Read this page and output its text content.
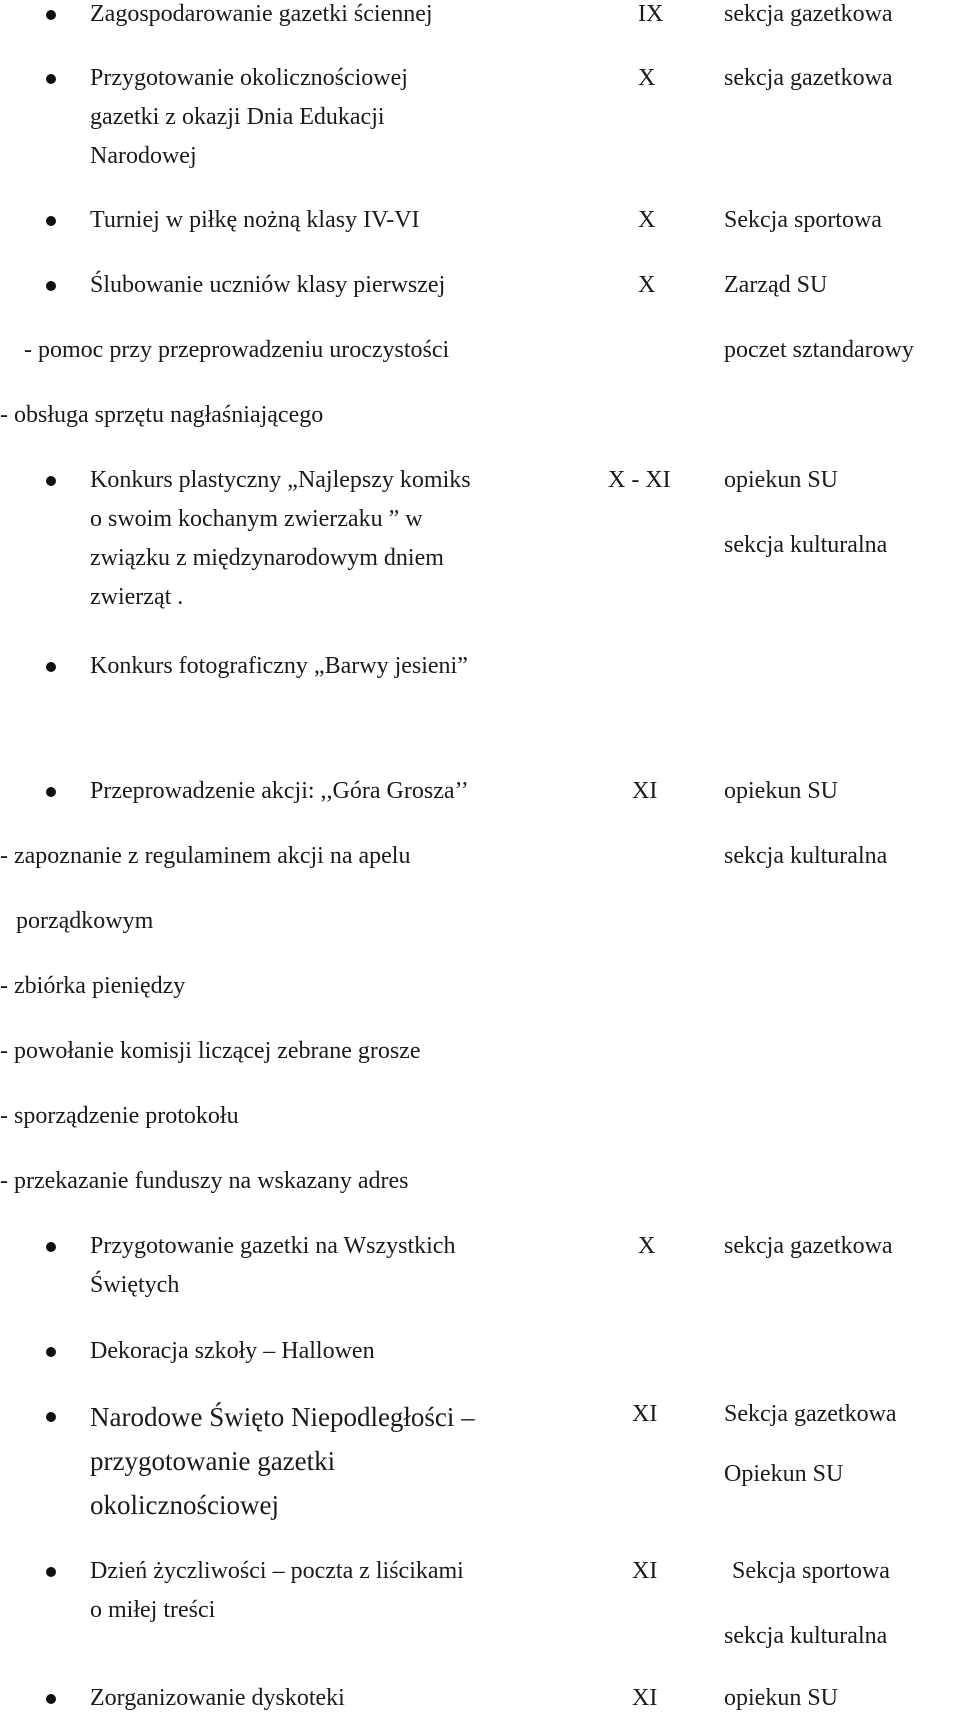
Zagospodarowanie gazetki ściennej	IX	sekcja gazetkowa
Przygotowanie okolicznościowej
gazetki z okazji Dnia Edukacji
Narodowej
X	sekcja gazetkowa
Turniej w piłkę nożną klasy IV-VI	X	Sekcja sportowa
Ślubowanie uczniów klasy pierwszej	X	Zarząd SU
- pomoc przy przeprowadzeniu uroczystości	poczet sztandarowy
- obsługa sprzętu nagłaśniającego
Konkurs plastyczny „Najlepszy komiks
o swoim kochanym zwierzaku ” w
związku z międzynarodowym dniem
zwierząt .
X - XI opiekun SU
sekcja kulturalna
Konkurs fotograficzny „Barwy jesieni”
Przeprowadzenie akcji: ,,Góra Grosza’’	XI	opiekun SU
sekcja kulturalna
- zapoznanie z regulaminem akcji na apelu
porządkowym
- zbiórka pieniędzy
- powołanie komisji liczącej zebrane grosze
- sporządzenie protokołu
- przekazanie funduszy na wskazany adres
Przygotowanie gazetki na Wszystkich
Świętych
X	sekcja gazetkowa
Dekoracja szkoły – Hallowen
Narodowe Święto Niepodległości –
przygotowanie gazetki
okolicznościowej
XI	Sekcja gazetkowa
Opiekun SU
Dzień życzliwości – poczta z liścikami
o miłej treści
XI	Sekcja sportowa
sekcja kulturalna
Zorganizowanie dyskoteki	XI	opiekun SU
